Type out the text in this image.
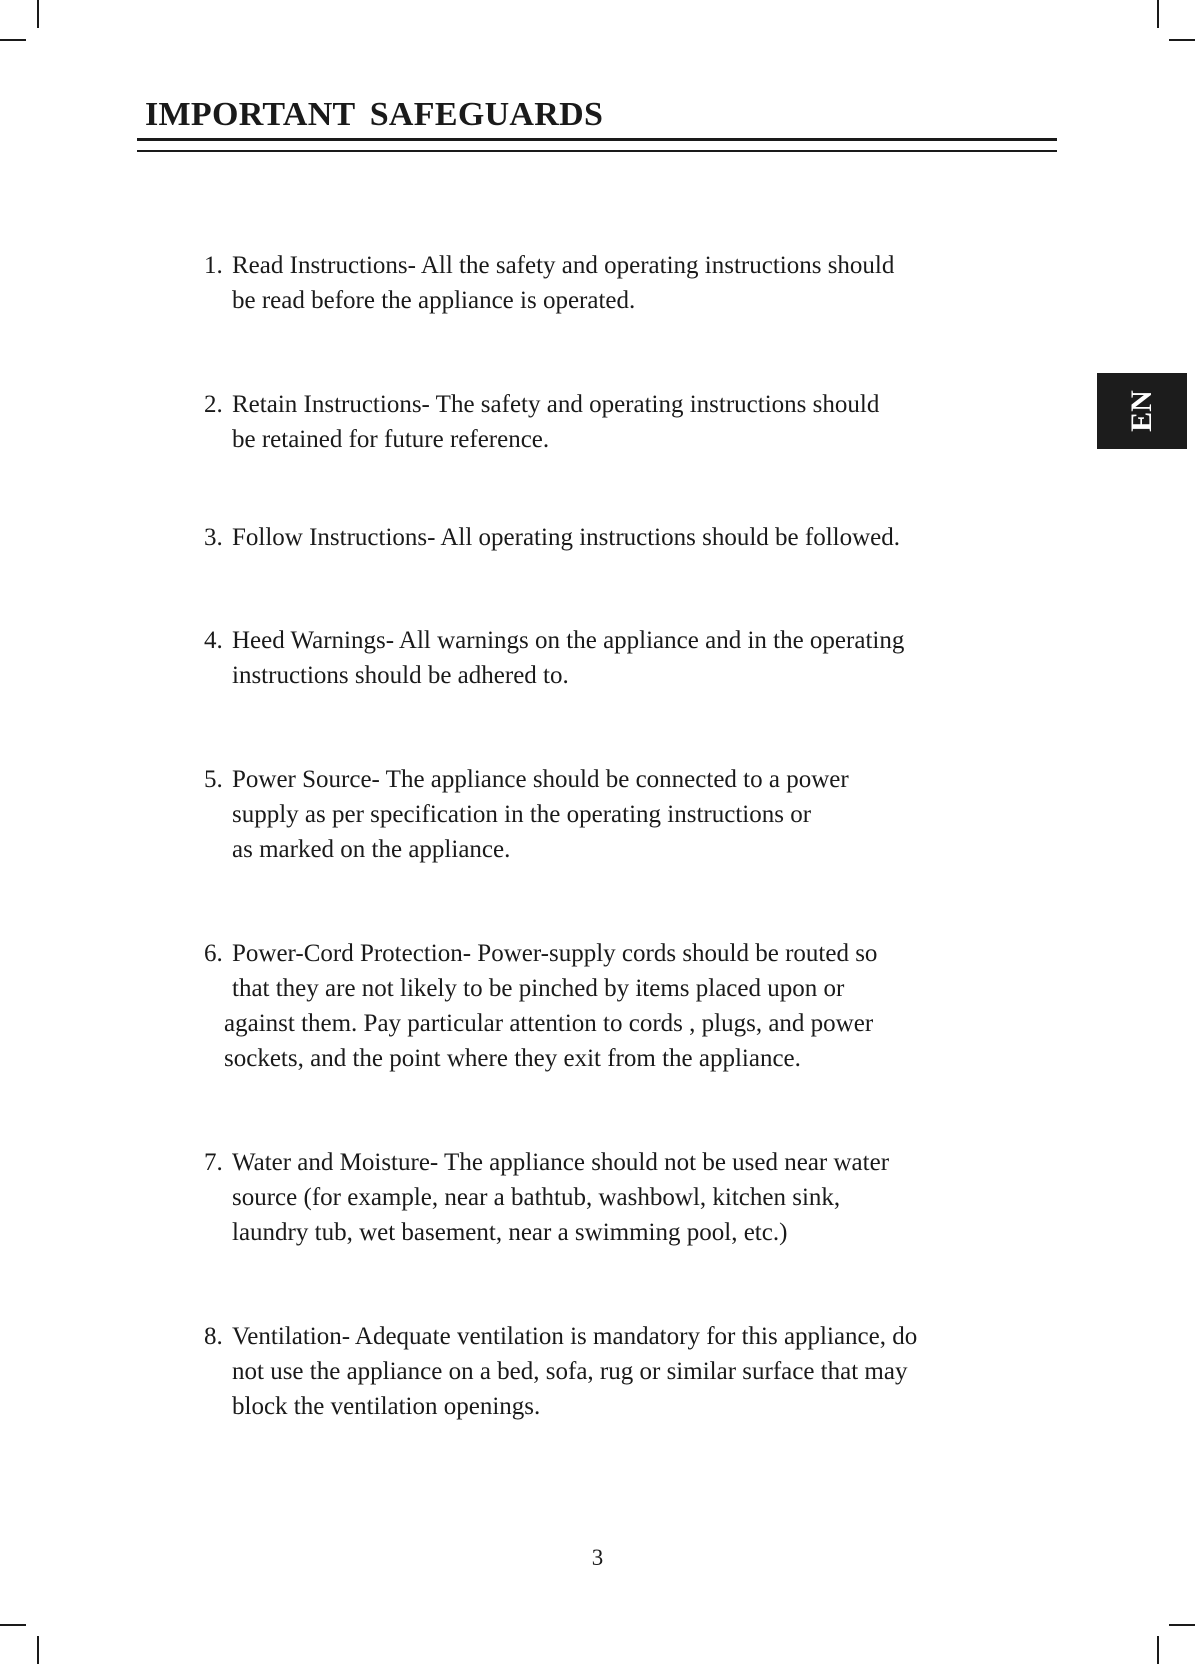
IMPORTANT SAFEGUARDS
EN
1. Read Instructions- All the safety and operating instructions should
be read before the appliance is operated.
2. Retain Instructions- The safety and operating instructions should
be retained for future reference.
3. Follow Instructions- All operating instructions should be followed.
4. Heed Warnings- All warnings on the appliance and in the operating
instructions should be adhered to.
5. Power Source- The appliance should be connected to a power
supply as per specification in the operating instructions or
as marked on the appliance.
6. Power-Cord Protection- Power-supply cords should be routed so
that they are not likely to be pinched by items placed upon or
against them. Pay particular attention to cords , plugs, and power
sockets, and the point where they exit from the appliance.
7. Water and Moisture- The appliance should not be used near water
source (for example, near a bathtub, washbowl, kitchen sink,
laundry tub, wet basement, near a swimming pool, etc.)
8. Ventilation- Adequate ventilation is mandatory for this appliance, do
not use the appliance on a bed, sofa, rug or similar surface that may
block the ventilation openings.
3
